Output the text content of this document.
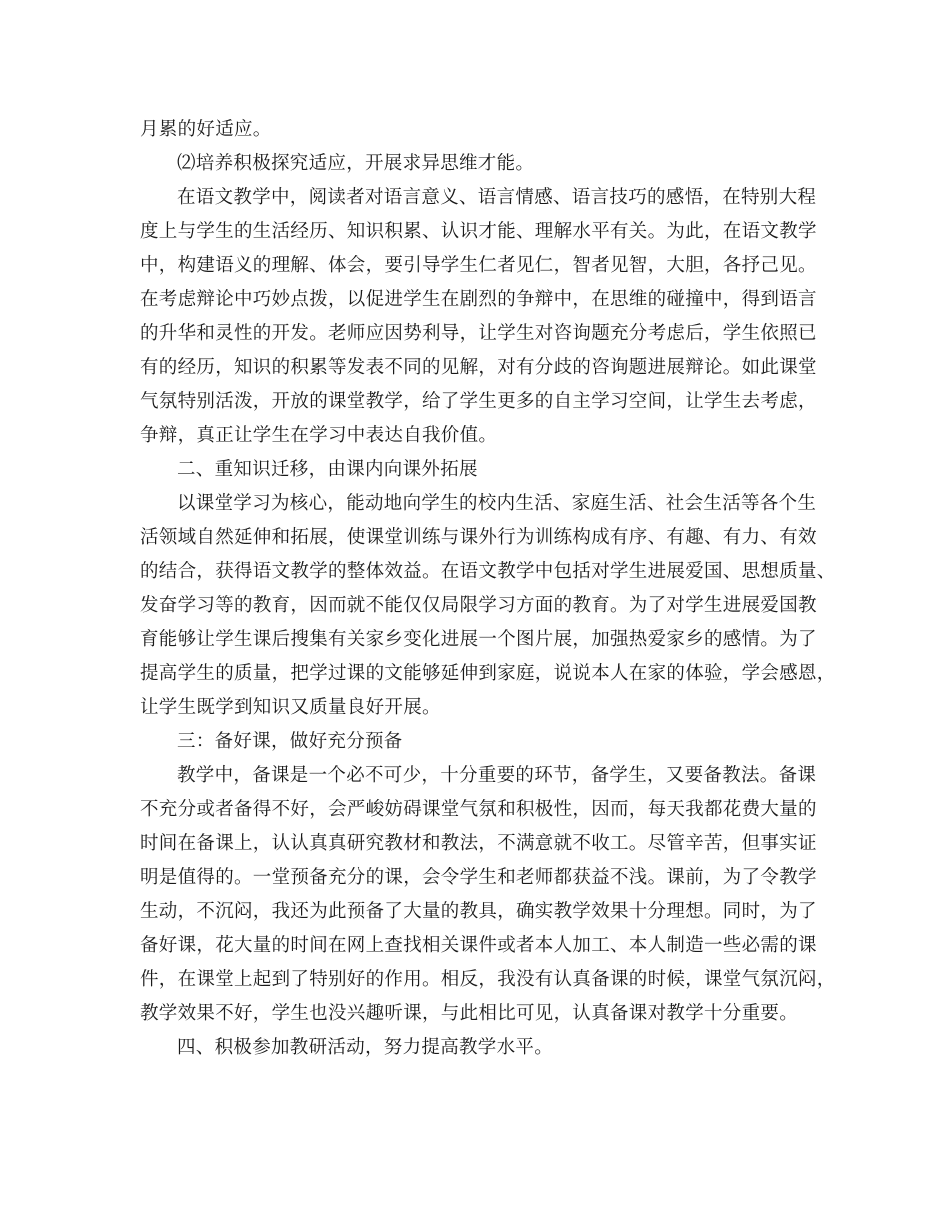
月累的好适应。
⑵培养积极探究适应，开展求异思维才能。
在语文教学中，阅读者对语言意义、语言情感、语言技巧的感悟，在特别大程
度上与学生的生活经历、知识积累、认识才能、理解水平有关。为此，在语文教学
中，构建语义的理解、体会，要引导学生仁者见仁，智者见智，大胆，各抒己见。
在考虑辩论中巧妙点拨，以促进学生在剧烈的争辩中，在思维的碰撞中，得到语言
的升华和灵性的开发。老师应因势利导，让学生对咨询题充分考虑后，学生依照已
有的经历，知识的积累等发表不同的见解，对有分歧的咨询题进展辩论。如此课堂
气氛特别活泼，开放的课堂教学，给了学生更多的自主学习空间，让学生去考虑，
争辩，真正让学生在学习中表达自我价值。
二、重知识迁移，由课内向课外拓展
以课堂学习为核心，能动地向学生的校内生活、家庭生活、社会生活等各个生
活领域自然延伸和拓展，使课堂训练与课外行为训练构成有序、有趣、有力、有效
的结合，获得语文教学的整体效益。在语文教学中包括对学生进展爱国、思想质量、
发奋学习等的教育，因而就不能仅仅局限学习方面的教育。为了对学生进展爱国教
育能够让学生课后搜集有关家乡变化进展一个图片展，加强热爱家乡的感情。为了
提高学生的质量，把学过课的文能够延伸到家庭，说说本人在家的体验，学会感恩，
让学生既学到知识又质量良好开展。
三：备好课，做好充分预备
教学中，备课是一个必不可少，十分重要的环节，备学生，又要备教法。备课
不充分或者备得不好，会严峻妨碍课堂气氛和积极性，因而，每天我都花费大量的
时间在备课上，认认真真研究教材和教法，不满意就不收工。尽管辛苦，但事实证
明是值得的。一堂预备充分的课，会令学生和老师都获益不浅。课前，为了令教学
生动，不沉闷，我还为此预备了大量的教具，确实教学效果十分理想。同时，为了
备好课，花大量的时间在网上查找相关课件或者本人加工、本人制造一些必需的课
件，在课堂上起到了特别好的作用。相反，我没有认真备课的时候，课堂气氛沉闷，
教学效果不好，学生也没兴趣听课，与此相比可见，认真备课对教学十分重要。
四、积极参加教研活动，努力提高教学水平。
